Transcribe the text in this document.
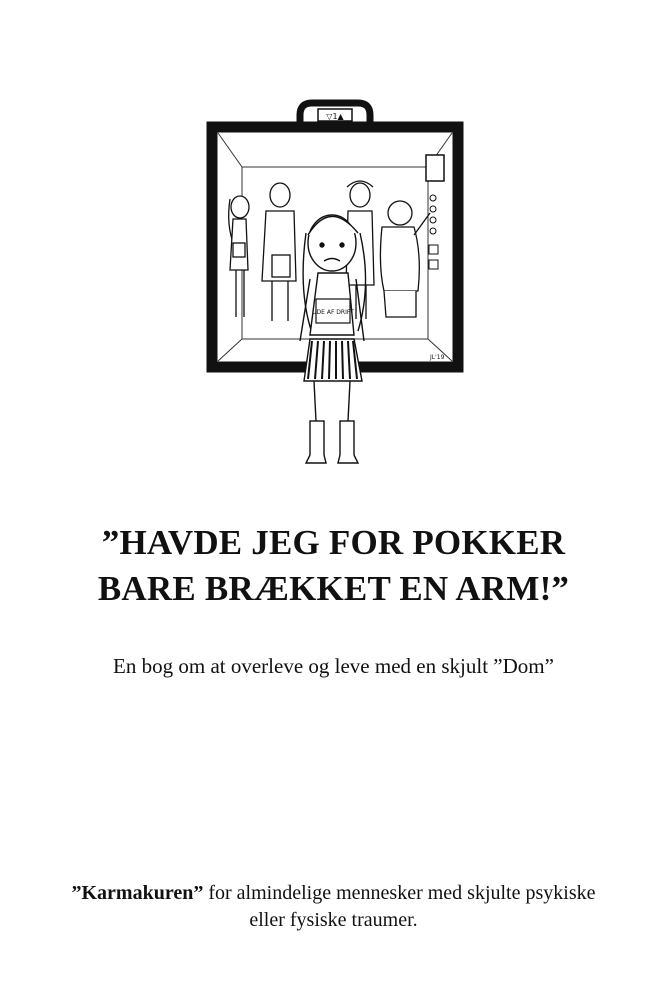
▽1▲
UDE AF DRIFT
JL'19
”HAVDE JEG FOR POKKER
BARE BRÆKKET EN ARM!”
En bog om at overleve og leve med en skjult ”Dom”
”Karmakuren” for almindelige mennesker med skjulte psykiske
eller fysiske traumer.
